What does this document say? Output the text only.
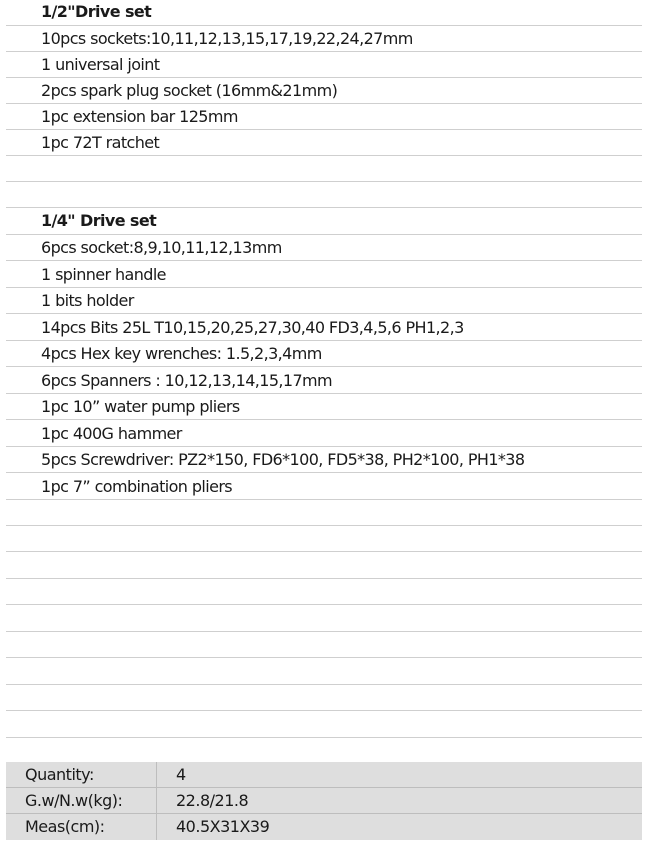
1/2"Drive set
10pcs sockets:10,11,12,13,15,17,19,22,24,27mm
1 universal joint
2pcs spark plug socket (16mm&21mm)
1pc extension bar 125mm
1pc 72T ratchet
1/4" Drive set
6pcs socket:8,9,10,11,12,13mm
1 spinner handle
1 bits holder
14pcs Bits 25L T10,15,20,25,27,30,40 FD3,4,5,6 PH1,2,3
4pcs Hex key wrenches: 1.5,2,3,4mm
6pcs Spanners : 10,12,13,14,15,17mm
1pc 10” water pump pliers
1pc 400G hammer
5pcs Screwdriver: PZ2*150, FD6*100, FD5*38, PH2*100, PH1*38
1pc 7” combination pliers
Quantity:	4
G.w/N.w(kg):	22.8/21.8
Meas(cm):	40.5X31X39
